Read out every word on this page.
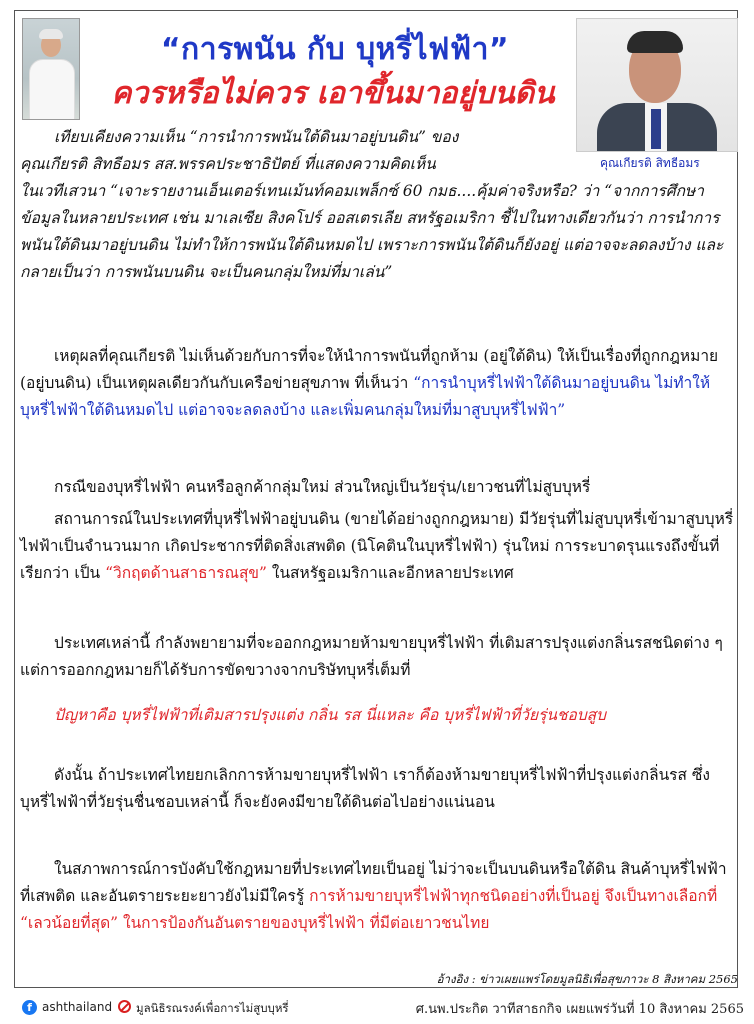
“การพนัน กับ บุหรี่ไฟฟ้า”
ควรหรือไม่ควร เอาขึ้นมาอยู่บนดิน
คุณเกียรติ สิทธีอมร
เทียบเคียงความเห็น “การนำการพนันใต้ดินมาอยู่บนดิน” ของ
คุณเกียรติ สิทธีอมร สส.พรรคประชาธิปัตย์ ที่แสดงความคิดเห็น
ในเวทีเสวนา “เจาะรายงานเอ็นเตอร์เทนเม้นท์คอมเพล็กซ์ 60 กมธ....คุ้มค่าจริงหรือ? ว่า “จากการศึกษาข้อมูลในหลายประเทศ เช่น มาเลเซีย สิงคโปร์ ออสเตรเลีย สหรัฐอเมริกา ชี้ไปในทางเดียวกันว่า การนำการพนันใต้ดินมาอยู่บนดิน ไม่ทำให้การพนันใต้ดินหมดไป เพราะการพนันใต้ดินก็ยังอยู่ แต่อาจจะลดลงบ้าง และกลายเป็นว่า การพนันบนดิน จะเป็นคนกลุ่มใหม่ที่มาเล่น”
เหตุผลที่คุณเกียรติ ไม่เห็นด้วยกับการที่จะให้นำการพนันที่ถูกห้าม (อยู่ใต้ดิน) ให้เป็นเรื่องที่ถูกกฎหมาย (อยู่บนดิน) เป็นเหตุผลเดียวกันกับเครือข่ายสุขภาพ ที่เห็นว่า “การนำบุหรี่ไฟฟ้าใต้ดินมาอยู่บนดิน ไม่ทำให้บุหรี่ไฟฟ้าใต้ดินหมดไป แต่อาจจะลดลงบ้าง และเพิ่มคนกลุ่มใหม่ที่มาสูบบุหรี่ไฟฟ้า”
กรณีของบุหรี่ไฟฟ้า คนหรือลูกค้ากลุ่มใหม่ ส่วนใหญ่เป็นวัยรุ่น/เยาวชนที่ไม่สูบบุหรี่
สถานการณ์ในประเทศที่บุหรี่ไฟฟ้าอยู่บนดิน (ขายได้อย่างถูกกฎหมาย) มีวัยรุ่นที่ไม่สูบบุหรี่เข้ามาสูบบุหรี่ไฟฟ้าเป็นจำนวนมาก เกิดประชากรที่ติดสิ่งเสพติด (นิโคตินในบุหรี่ไฟฟ้า) รุ่นใหม่ การระบาดรุนแรงถึงขั้นที่เรียกว่า เป็น “วิกฤตด้านสาธารณสุข” ในสหรัฐอเมริกาและอีกหลายประเทศ
ประเทศเหล่านี้ กำลังพยายามที่จะออกกฎหมายห้ามขายบุหรี่ไฟฟ้า ที่เติมสารปรุงแต่งกลิ่นรสชนิดต่าง ๆ แต่การออกกฎหมายก็ได้รับการขัดขวางจากบริษัทบุหรี่เต็มที่
ปัญหาคือ บุหรี่ไฟฟ้าที่เติมสารปรุงแต่ง กลิ่น รส นี่แหละ คือ บุหรี่ไฟฟ้าที่วัยรุ่นชอบสูบ
ดังนั้น ถ้าประเทศไทยยกเลิกการห้ามขายบุหรี่ไฟฟ้า เราก็ต้องห้ามขายบุหรี่ไฟฟ้าที่ปรุงแต่งกลิ่นรส ซึ่งบุหรี่ไฟฟ้าที่วัยรุ่นชื่นชอบเหล่านี้ ก็จะยังคงมีขายใต้ดินต่อไปอย่างแน่นอน
ในสภาพการณ์การบังคับใช้กฎหมายที่ประเทศไทยเป็นอยู่ ไม่ว่าจะเป็นบนดินหรือใต้ดิน สินค้าบุหรี่ไฟฟ้าที่เสพติด และอันตรายระยะยาวยังไม่มีใครรู้ การห้ามขายบุหรี่ไฟฟ้าทุกชนิดอย่างที่เป็นอยู่ จึงเป็นทางเลือกที่ “เลวน้อยที่สุด” ในการป้องกันอันตรายของบุหรี่ไฟฟ้า ที่มีต่อเยาวชนไทย
อ้างอิง : ข่าวเผยแพร่โดยมูลนิธิเพื่อสุขภาวะ 8 สิงหาคม 2565
f ashthailand มูลนิธิรณรงค์เพื่อการไม่สูบบุหรี่	ศ.นพ.ประกิต วาทีสาธกกิจ เผยแพร่วันที่ 10 สิงหาคม 2565
